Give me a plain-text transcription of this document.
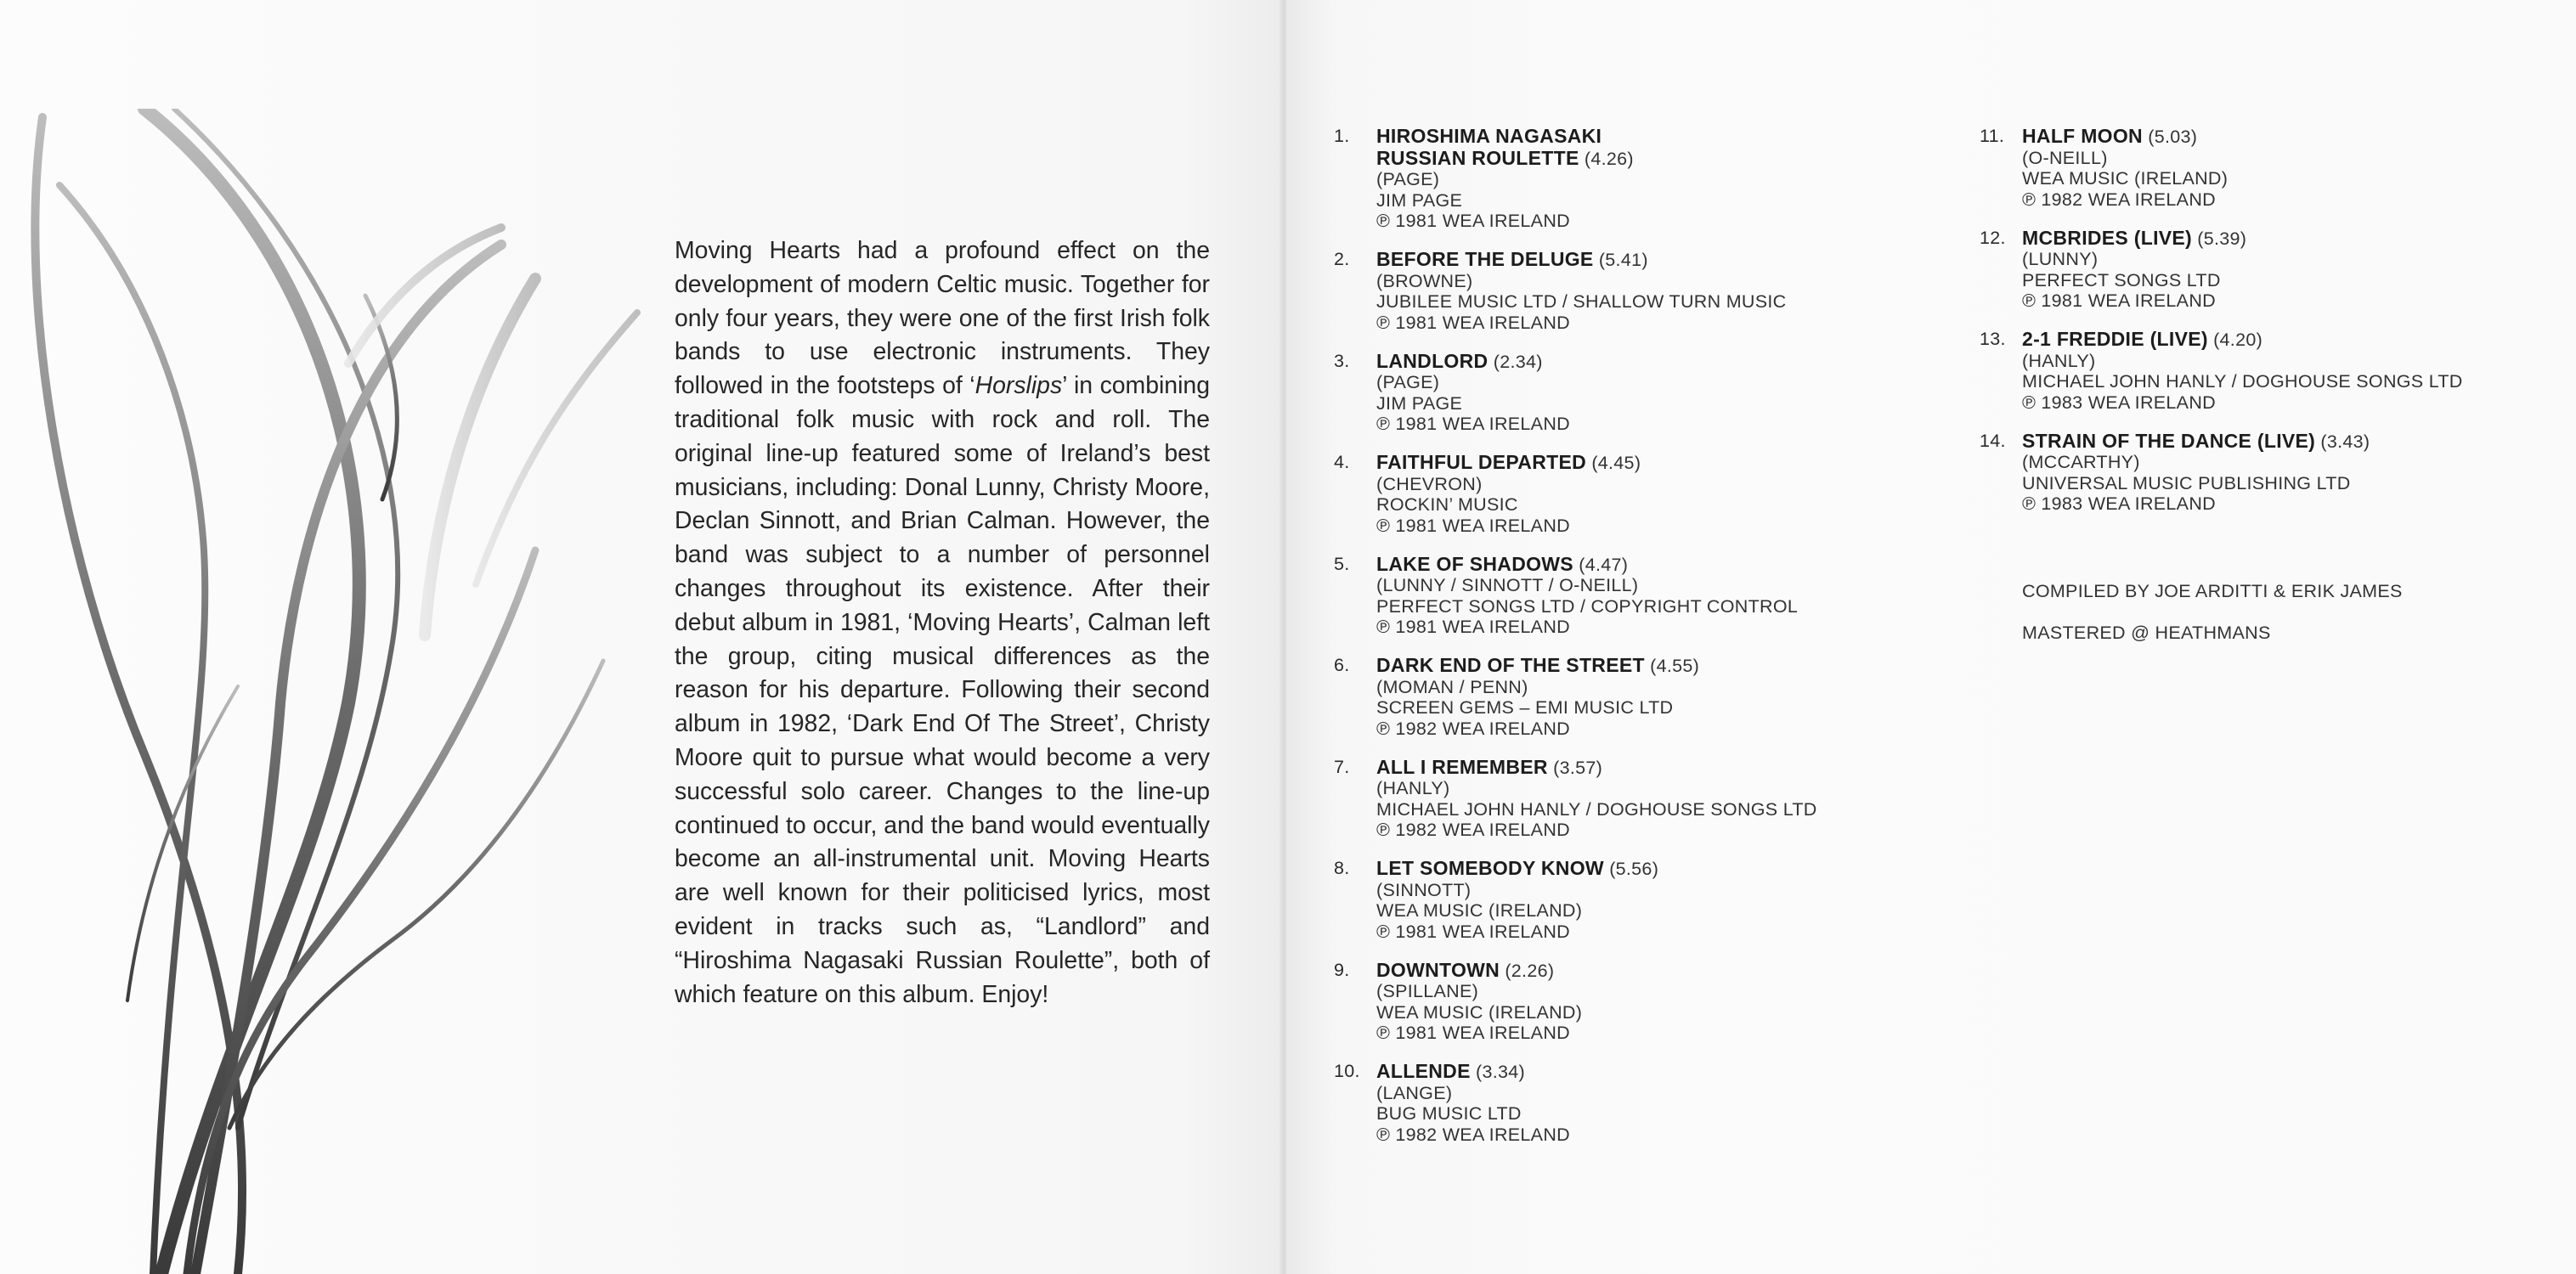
Moving Hearts had a profound effect on the development of modern Celtic music. Together for only four years, they were one of the first Irish folk bands to use electronic instruments. They followed in the footsteps of ‘Horslips’ in combining traditional folk music with rock and roll. The original line-up featured some of Ireland’s best musicians, including: Donal Lunny, Christy Moore, Declan Sinnott, and Brian Calman. However, the band was subject to a number of personnel changes throughout its existence. After their debut album in 1981, ‘Moving Hearts’, Calman left the group, citing musical differences as the reason for his departure. Following their second album in 1982, ‘Dark End Of The Street’, Christy Moore quit to pursue what would become a very successful solo career. Changes to the line-up continued to occur, and the band would eventually become an all-instrumental unit. Moving Hearts are well known for their politicised lyrics, most evident in tracks such as, “Landlord” and “Hiroshima Nagasaki Russian Roulette”, both of which feature on this album. Enjoy!

1.	HIROSHIMA NAGASAKI
RUSSIAN ROULETTE (4.26)
(PAGE)
JIM PAGE
℗ 1981 WEA IRELAND
2.	BEFORE THE DELUGE (5.41)
(BROWNE)
JUBILEE MUSIC LTD / SHALLOW TURN MUSIC
℗ 1981 WEA IRELAND
3.	LANDLORD (2.34)
(PAGE)
JIM PAGE
℗ 1981 WEA IRELAND
4.	FAITHFUL DEPARTED (4.45)
(CHEVRON)
ROCKIN’ MUSIC
℗ 1981 WEA IRELAND
5.	LAKE OF SHADOWS (4.47)
(LUNNY / SINNOTT / O-NEILL)
PERFECT SONGS LTD / COPYRIGHT CONTROL
℗ 1981 WEA IRELAND
6.	DARK END OF THE STREET (4.55)
(MOMAN / PENN)
SCREEN GEMS – EMI MUSIC LTD
℗ 1982 WEA IRELAND
7.	ALL I REMEMBER (3.57)
(HANLY)
MICHAEL JOHN HANLY / DOGHOUSE SONGS LTD
℗ 1982 WEA IRELAND
8.	LET SOMEBODY KNOW (5.56)
(SINNOTT)
WEA MUSIC (IRELAND)
℗ 1981 WEA IRELAND
9.	DOWNTOWN (2.26)
(SPILLANE)
WEA MUSIC (IRELAND)
℗ 1981 WEA IRELAND
10. ALLENDE (3.34)
(LANGE)
BUG MUSIC LTD
℗ 1982 WEA IRELAND
11. HALF MOON (5.03)
(O-NEILL)
WEA MUSIC (IRELAND)
℗ 1982 WEA IRELAND
12. MCBRIDES (LIVE) (5.39)
(LUNNY)
PERFECT SONGS LTD
℗ 1981 WEA IRELAND
13. 2-1 FREDDIE (LIVE) (4.20)
(HANLY)
MICHAEL JOHN HANLY / DOGHOUSE SONGS LTD
℗ 1983 WEA IRELAND
14. STRAIN OF THE DANCE (LIVE) (3.43)
(MCCARTHY)
UNIVERSAL MUSIC PUBLISHING LTD
℗ 1983 WEA IRELAND
COMPILED BY JOE ARDITTI & ERIK JAMES
MASTERED @ HEATHMANS
